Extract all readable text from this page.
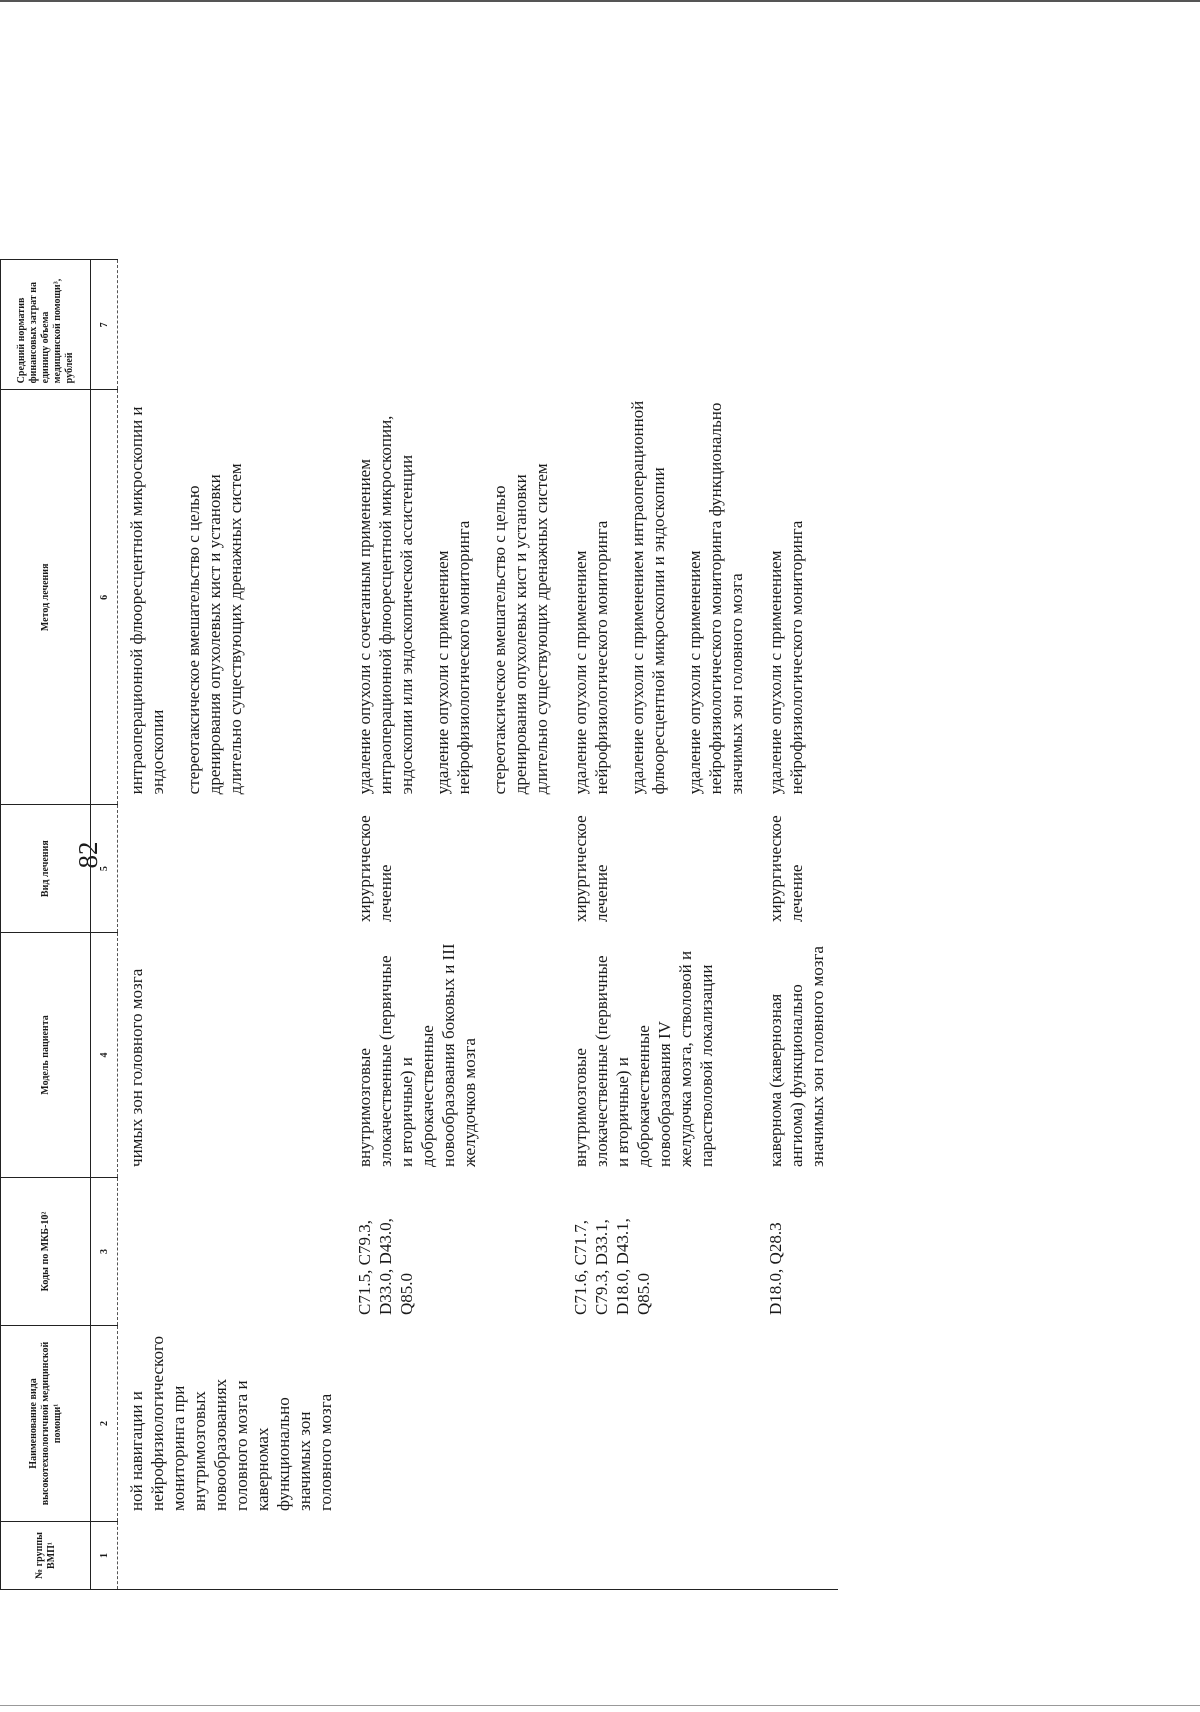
82
№ группы ВМП¹	Наименование вида высокотехнологичной медицинской помощи¹	Коды по МКБ-10²	Модель пациента	Вид лечения	Метод лечения	Средний норматив финансовых затрат на единицу объема медицинской помощи³, рублей
1	2	3	4	5	6	7
	ной навигации и нейрофизиологического мониторинга при внутримозговых новообразованиях головного мозга и каверномах функционально значимых зон головного мозга		чимых зон головного мозга		интраоперационной флюоресцентной микроскопии и эндоскопии стереотаксическое вмешательство с целью дренирования опухолевых кист и установки длительно существующих дренажных систем	

		C71.5, C79.3, D33.0, D43.0, Q85.0	внутримозговые злокачественные (первичные и вторичные) и доброкачественные новообразования боковых и III желудочков мозга	хирургическое лечение	удаление опухоли с сочетанным применением интраоперационной флюоресцентной микроскопии, эндоскопии или эндоскопической ассистенции удаление опухоли с применением нейрофизиологического мониторинга стереотаксическое вмешательство с целью дренирования опухолевых кист и установки длительно существующих дренажных систем	

		C71.6, C71.7, C79.3, D33.1, D18.0, D43.1, Q85.0	внутримозговые злокачественные (первичные и вторичные) и доброкачественные новообразования IV желудочка мозга, стволовой и парастволовой локализации	хирургическое лечение	удаление опухоли с применением нейрофизиологического мониторинга удаление опухоли с применением интраоперационной флюоресцентной микроскопии и эндоскопии удаление опухоли с применением нейрофизиологического мониторинга функционально значимых зон головного мозга	

		D18.0, Q28.3	кавернома (кавернозная ангиома) функционально значимых зон головного мозга	хирургическое лечение	удаление опухоли с применением нейрофизиологического мониторинга	
